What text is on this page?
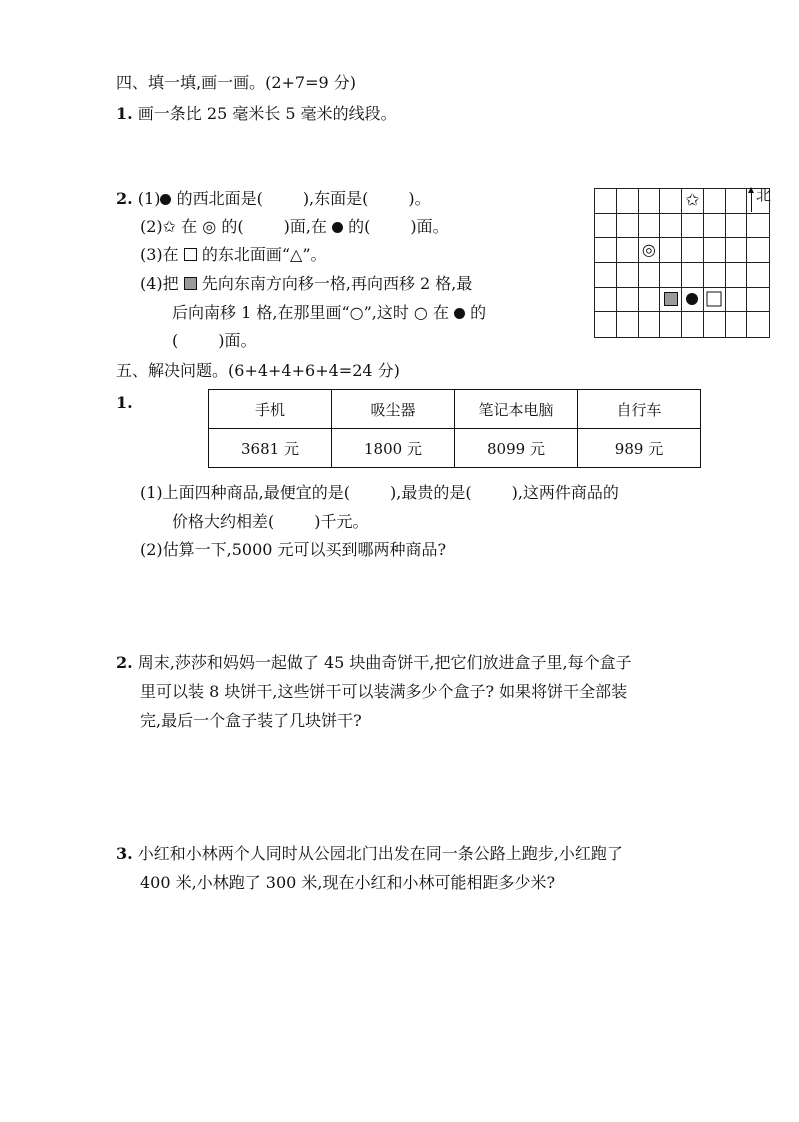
四、填一填,画一画。(2+7=9 分)
1. 画一条比 25 毫米长 5 毫米的线段。
2. (1) 的西北面是(	),东面是(	)。
(2)✩ 在 ◎ 的(	)面,在 的(	)面。
(3)在 的东北面画“△”。
(4)把 先向东南方向移一格,再向西移 2 格,最
后向南移 1 格,在那里画“○”,这时 ○ 在 的
(	)面。
✩
◎
北
五、解决问题。(6+4+4+6+4=24 分)
1.	手机	吸尘器	笔记本电脑	自行车
3681 元	1800 元	8099 元	989 元
(1)上面四种商品,最便宜的是(	),最贵的是(	),这两件商品的
价格大约相差(	)千元。
(2)估算一下,5000 元可以买到哪两种商品?
2. 周末,莎莎和妈妈一起做了 45 块曲奇饼干,把它们放进盒子里,每个盒子
里可以装 8 块饼干,这些饼干可以装满多少个盒子? 如果将饼干全部装
完,最后一个盒子装了几块饼干?
3. 小红和小林两个人同时从公园北门出发在同一条公路上跑步,小红跑了
400 米,小林跑了 300 米,现在小红和小林可能相距多少米?
